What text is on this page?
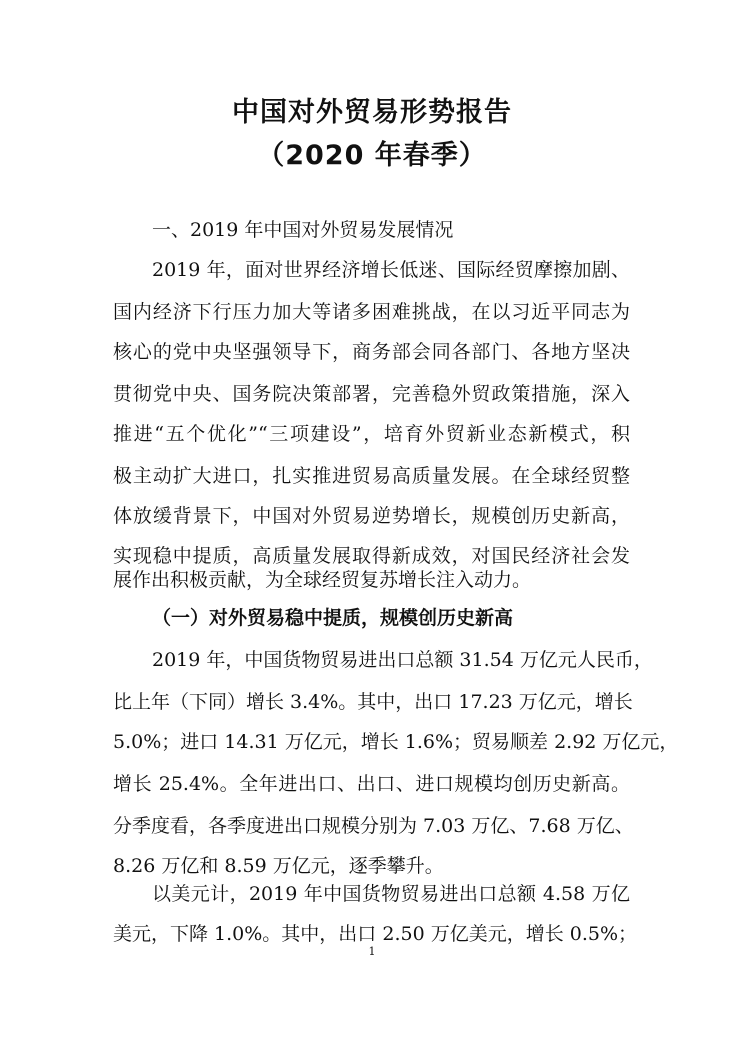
中国对外贸易形势报告
（2020 年春季）
一、2019 年中国对外贸易发展情况
2019 年，面对世界经济增长低迷、国际经贸摩擦加剧、
国内经济下行压力加大等诸多困难挑战，在以习近平同志为
核心的党中央坚强领导下，商务部会同各部门、各地方坚决
贯彻党中央、国务院决策部署，完善稳外贸政策措施，深入
推进“五个优化”“三项建设”，培育外贸新业态新模式，积
极主动扩大进口，扎实推进贸易高质量发展。在全球经贸整
体放缓背景下，中国对外贸易逆势增长，规模创历史新高，
实现稳中提质，高质量发展取得新成效，对国民经济社会发
展作出积极贡献，为全球经贸复苏增长注入动力。
（一）对外贸易稳中提质，规模创历史新高
2019 年，中国货物贸易进出口总额 31.54 万亿元人民币，
比上年（下同）增长 3.4%。其中，出口 17.23 万亿元，增长
5.0%；进口 14.31 万亿元，增长 1.6%；贸易顺差 2.92 万亿元，
增长 25.4%。全年进出口、出口、进口规模均创历史新高。
分季度看，各季度进出口规模分别为 7.03 万亿、7.68 万亿、
8.26 万亿和 8.59 万亿元，逐季攀升。
以美元计，2019 年中国货物贸易进出口总额 4.58 万亿
美元，下降 1.0%。其中，出口 2.50 万亿美元，增长 0.5%；
1
